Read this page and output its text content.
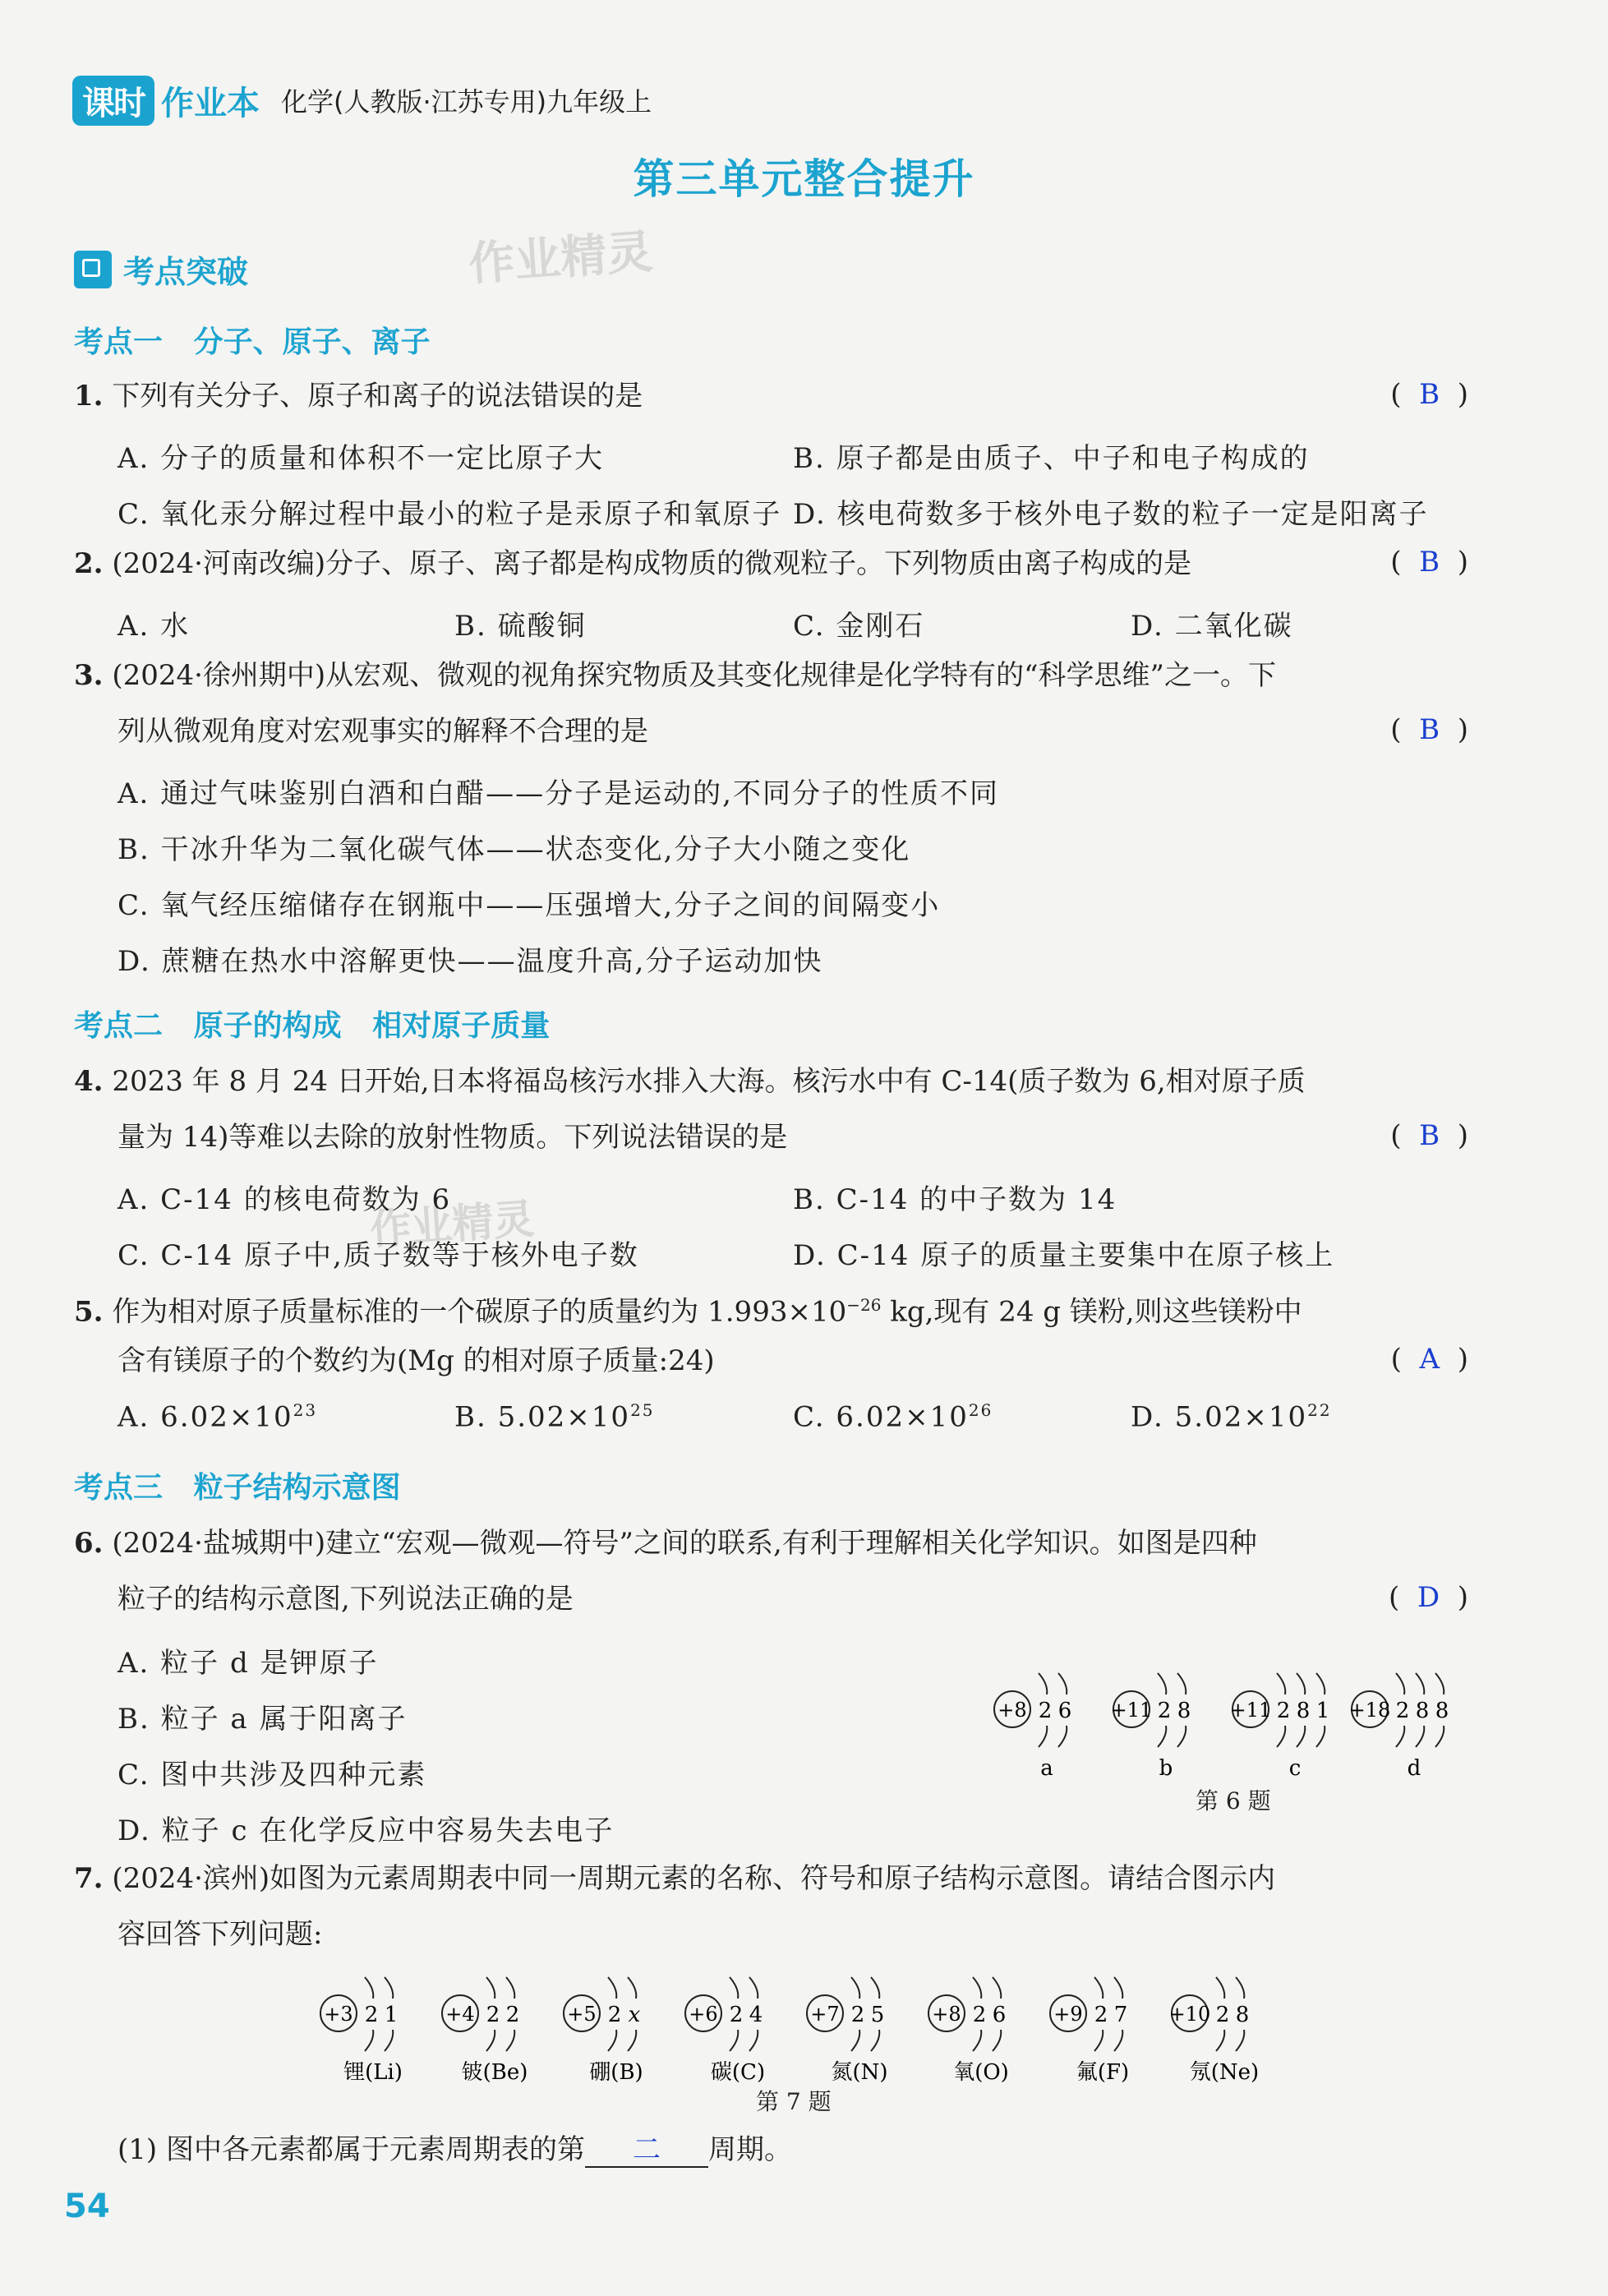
课时 作业本 化学(人教版·江苏专用)九年级上
第三单元整合提升
作业精灵
作业精灵
考点突破
考点一   分子、原子、离子
1. 下列有关分子、原子和离子的说法错误的是	(  B  )
A. 分子的质量和体积不一定比原子大	B. 原子都是由质子、中子和电子构成的
C. 氧化汞分解过程中最小的粒子是汞原子和氧原子 D. 核电荷数多于核外电子数的粒子一定是阳离子
2. (2024·河南改编)分子、原子、离子都是构成物质的微观粒子。下列物质由离子构成的是	(  B  )
A. 水	B. 硫酸铜	C. 金刚石	D. 二氧化碳
3. (2024·徐州期中)从宏观、微观的视角探究物质及其变化规律是化学特有的“科学思维”之一。下
列从微观角度对宏观事实的解释不合理的是	(  B  )
A. 通过气味鉴别白酒和白醋——分子是运动的,不同分子的性质不同
B. 干冰升华为二氧化碳气体——状态变化,分子大小随之变化
C. 氧气经压缩储存在钢瓶中——压强增大,分子之间的间隔变小
D. 蔗糖在热水中溶解更快——温度升高,分子运动加快
考点二   原子的构成   相对原子质量
4. 2023 年 8 月 24 日开始,日本将福岛核污水排入大海。核污水中有 C-14(质子数为 6,相对原子质
量为 14)等难以去除的放射性物质。下列说法错误的是	(  B  )
A. C-14 的核电荷数为 6	B. C-14 的中子数为 14
C. C-14 原子中,质子数等于核外电子数	D. C-14 原子的质量主要集中在原子核上
5. 作为相对原子质量标准的一个碳原子的质量约为 $1.993\times 10^{-26}$ kg,现有 24 g 镁粉,则这些镁粉中
含有镁原子的个数约为(Mg 的相对原子质量:24)	(  A  )
A. $6.02\times 10^{23}$	B. $5.02\times 10^{25}$	C. $6.02\times 10^{26}$	D. $5.02\times 10^{22}$
考点三   粒子结构示意图
6. (2024·盐城期中)建立“宏观—微观—符号”之间的联系,有利于理解相关化学知识。如图是四种
粒子的结构示意图,下列说法正确的是	(  D  )
A. 粒子 d 是钾原子
B. 粒子 a 属于阳离子
C. 图中共涉及四种元素
D. 粒子 c 在化学反应中容易失去电子
+8 2 6
a
+11 2 8
b
+11 2 8 1
c
+18 2 8 8
d
第 6 题
7. (2024·滨州)如图为元素周期表中同一周期元素的名称、符号和原子结构示意图。请结合图示内
容回答下列问题:
+3 2 1
锂(Li)
+4 2 2
铍(Be)
+5 2 x
硼(B)
+6 2 4
碳(C)
+7 2 5
氮(N)
+8 2 6
氧(O)
+9 2 7
氟(F)
+10 2 8
氖(Ne)
第 7 题
(1) 图中各元素都属于元素周期表的第 二 周期。
54
